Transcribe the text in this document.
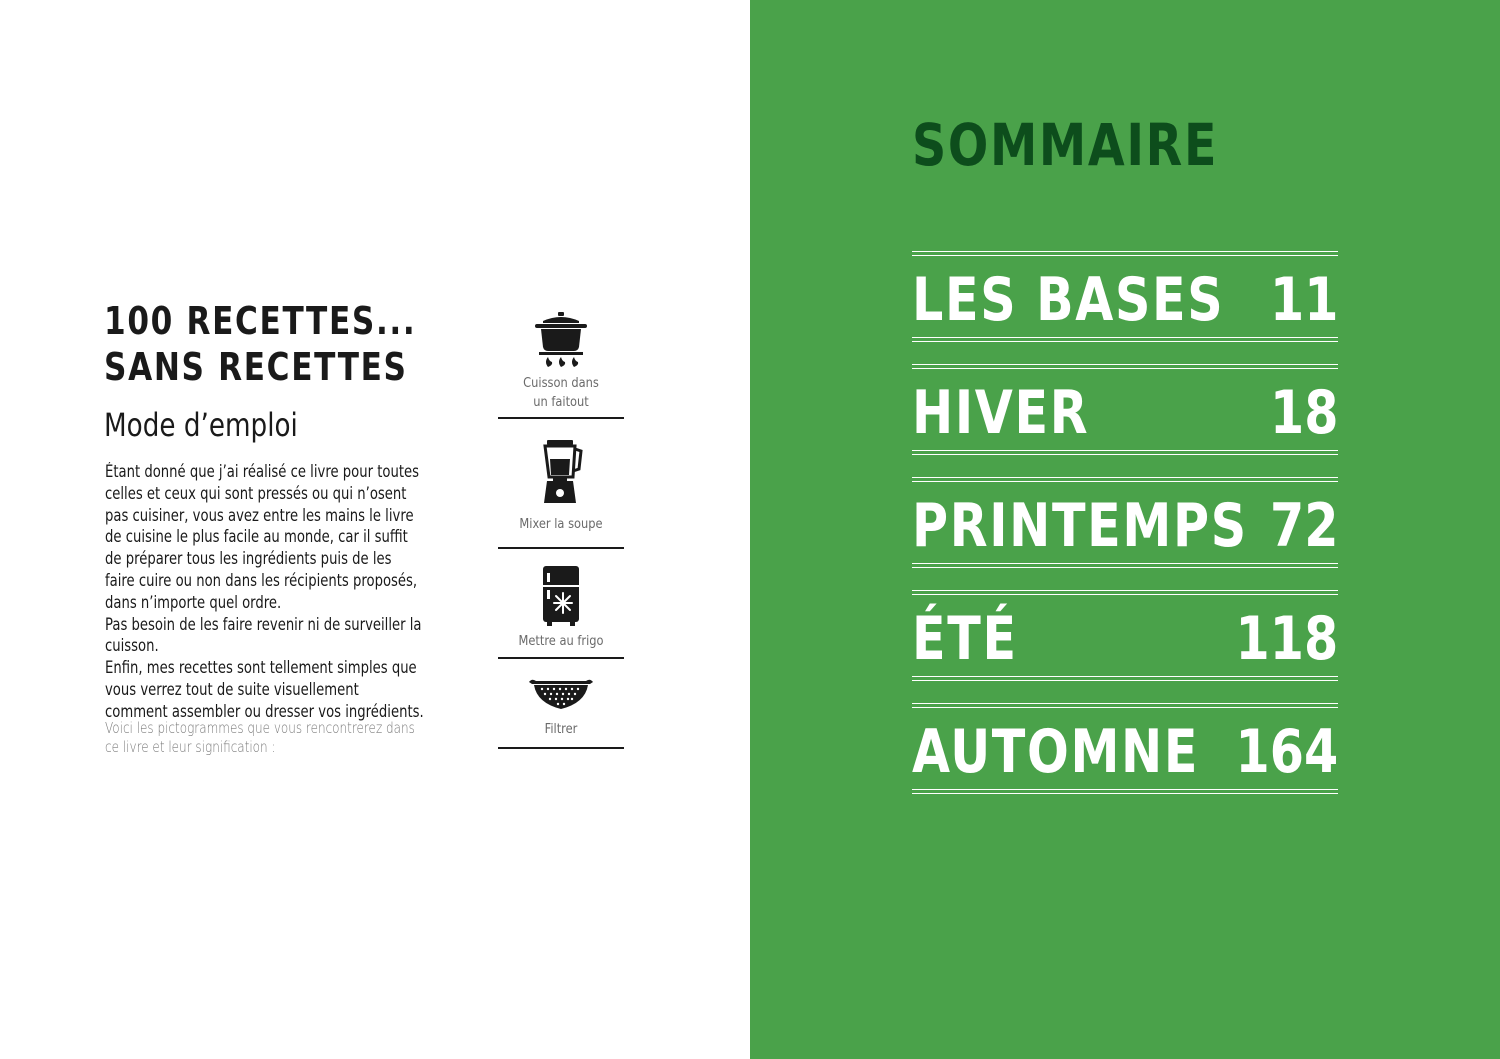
100 RECETTES...
SANS RECETTES
Mode d’emploi

Étant donné que j’ai réalisé ce livre pour toutes celles et ceux qui sont pressés ou qui n’osent pas cuisiner, vous avez entre les mains le livre de cuisine le plus facile au monde, car il suffit de préparer tous les ingrédients puis de les faire cuire ou non dans les récipients proposés, dans n’importe quel ordre.

Pas besoin de les faire revenir ni de surveiller la cuisson.

Enfin, mes recettes sont tellement simples que vous verrez tout de suite visuellement comment assembler ou dresser vos ingrédients.

Voici les pictogrammes que vous rencontrerez dans ce livre et leur signification :
Cuisson dans
un faitout
Mixer la soupe
Mettre au frigo
Filtrer
SOMMAIRE
LES BASES 11
HIVER	18
PRINTEMPS 72
ÉTÉ	118
AUTOMNE 164
